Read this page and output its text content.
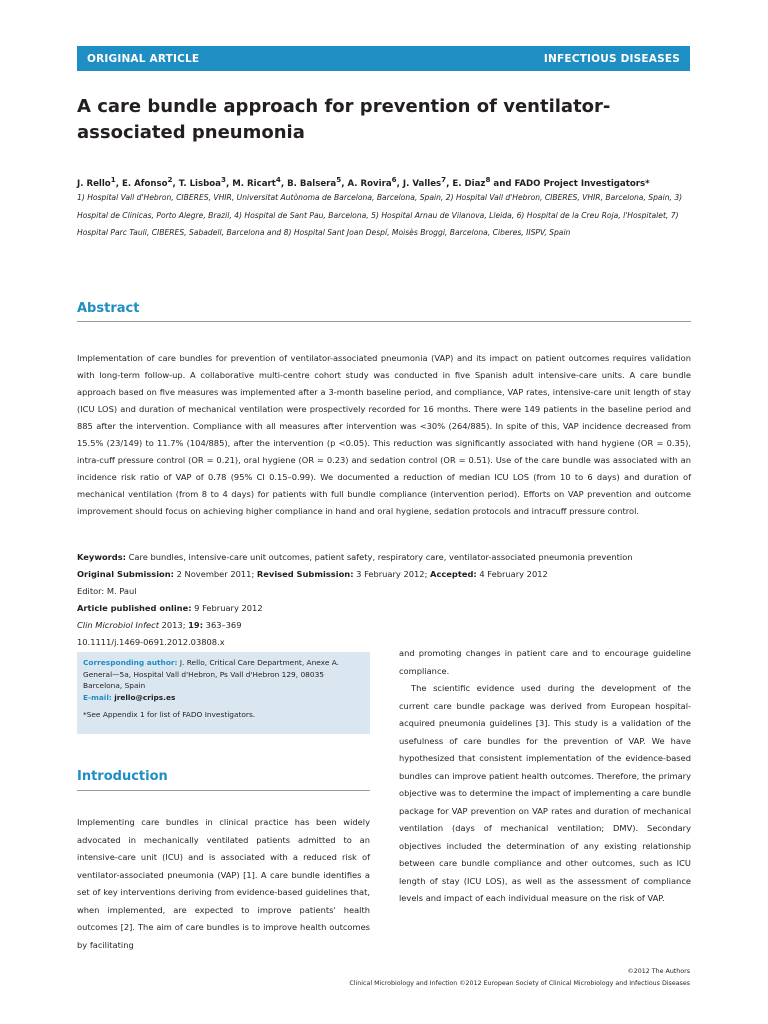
ORIGINAL ARTICLE	INFECTIOUS DISEASES
A care bundle approach for prevention of ventilator-associated pneumonia

J. Rello$^1$, E. Afonso$^2$, T. Lisboa$^3$, M. Ricart$^4$, B. Balsera$^5$, A. Rovira$^6$, J. Valles$^7$, E. Diaz$^8$ and FADO Project Investigators*

1) Hospital Vall d'Hebron, CIBERES, VHIR, Universitat Autònoma de Barcelona, Barcelona, Spain, 2) Hospital Vall d'Hebron, CIBERES, VHIR, Barcelona, Spain, 3) Hospital de Clinicas, Porto Alegre, Brazil, 4) Hospital de Sant Pau, Barcelona, 5) Hospital Arnau de Vilanova, Lleida, 6) Hospital de la Creu Roja, l'Hospitalet, 7) Hospital Parc Tauli, CIBERES, Sabadell, Barcelona and 8) Hospital Sant Joan Despí, Moisès Broggi, Barcelona, Ciberes, IISPV, Spain

Abstract

Implementation of care bundles for prevention of ventilator-associated pneumonia (VAP) and its impact on patient outcomes requires validation with long-term follow-up. A collaborative multi-centre cohort study was conducted in five Spanish adult intensive-care units. A care bundle approach based on five measures was implemented after a 3-month baseline period, and compliance, VAP rates, intensive-care unit length of stay (ICU LOS) and duration of mechanical ventilation were prospectively recorded for 16 months. There were 149 patients in the baseline period and 885 after the intervention. Compliance with all measures after intervention was <30% (264/885). In spite of this, VAP incidence decreased from 15.5% (23/149) to 11.7% (104/885), after the intervention (p <0.05). This reduction was significantly associated with hand hygiene (OR = 0.35), intra-cuff pressure control (OR = 0.21), oral hygiene (OR = 0.23) and sedation control (OR = 0.51). Use of the care bundle was associated with an incidence risk ratio of VAP of 0.78 (95% CI 0.15–0.99). We documented a reduction of median ICU LOS (from 10 to 6 days) and duration of mechanical ventilation (from 8 to 4 days) for patients with full bundle compliance (intervention period). Efforts on VAP prevention and outcome improvement should focus on achieving higher compliance in hand and oral hygiene, sedation protocols and intracuff pressure control.

Keywords: Care bundles, intensive-care unit outcomes, patient safety, respiratory care, ventilator-associated pneumonia prevention

Original Submission: 2 November 2011; Revised Submission: 3 February 2012; Accepted: 4 February 2012

Editor: M. Paul

Article published online: 9 February 2012

Clin Microbiol Infect 2013; 19: 363–369

10.1111/j.1469-0691.2012.03808.x

Corresponding author: J. Rello, Critical Care Department, Anexe A. General—5a, Hospital Vall d'Hebron, Ps Vall d'Hebron 129, 08035 Barcelona, Spain

E-mail: jrello@crips.es

*See Appendix 1 for list of FADO Investigators.

Introduction

Implementing care bundles in clinical practice has been widely advocated in mechanically ventilated patients admitted to an intensive-care unit (ICU) and is associated with a reduced risk of ventilator-associated pneumonia (VAP) [1]. A care bundle identifies a set of key interventions deriving from evidence-based guidelines that, when implemented, are expected to improve patients' health outcomes [2]. The aim of care bundles is to improve health outcomes by facilitating

and promoting changes in patient care and to encourage guideline compliance.

The scientific evidence used during the development of the current care bundle package was derived from European hospital-acquired pneumonia guidelines [3]. This study is a validation of the usefulness of care bundles for the prevention of VAP. We have hypothesized that consistent implementation of the evidence-based bundles can improve patient health outcomes. Therefore, the primary objective was to determine the impact of implementing a care bundle package for VAP prevention on VAP rates and duration of mechanical ventilation (days of mechanical ventilation; DMV). Secondary objectives included the determination of any existing relationship between care bundle compliance and other outcomes, such as ICU length of stay (ICU LOS), as well as the assessment of compliance levels and impact of each individual measure on the risk of VAP.

©2012 The Authors

Clinical Microbiology and Infection ©2012 European Society of Clinical Microbiology and Infectious Diseases
